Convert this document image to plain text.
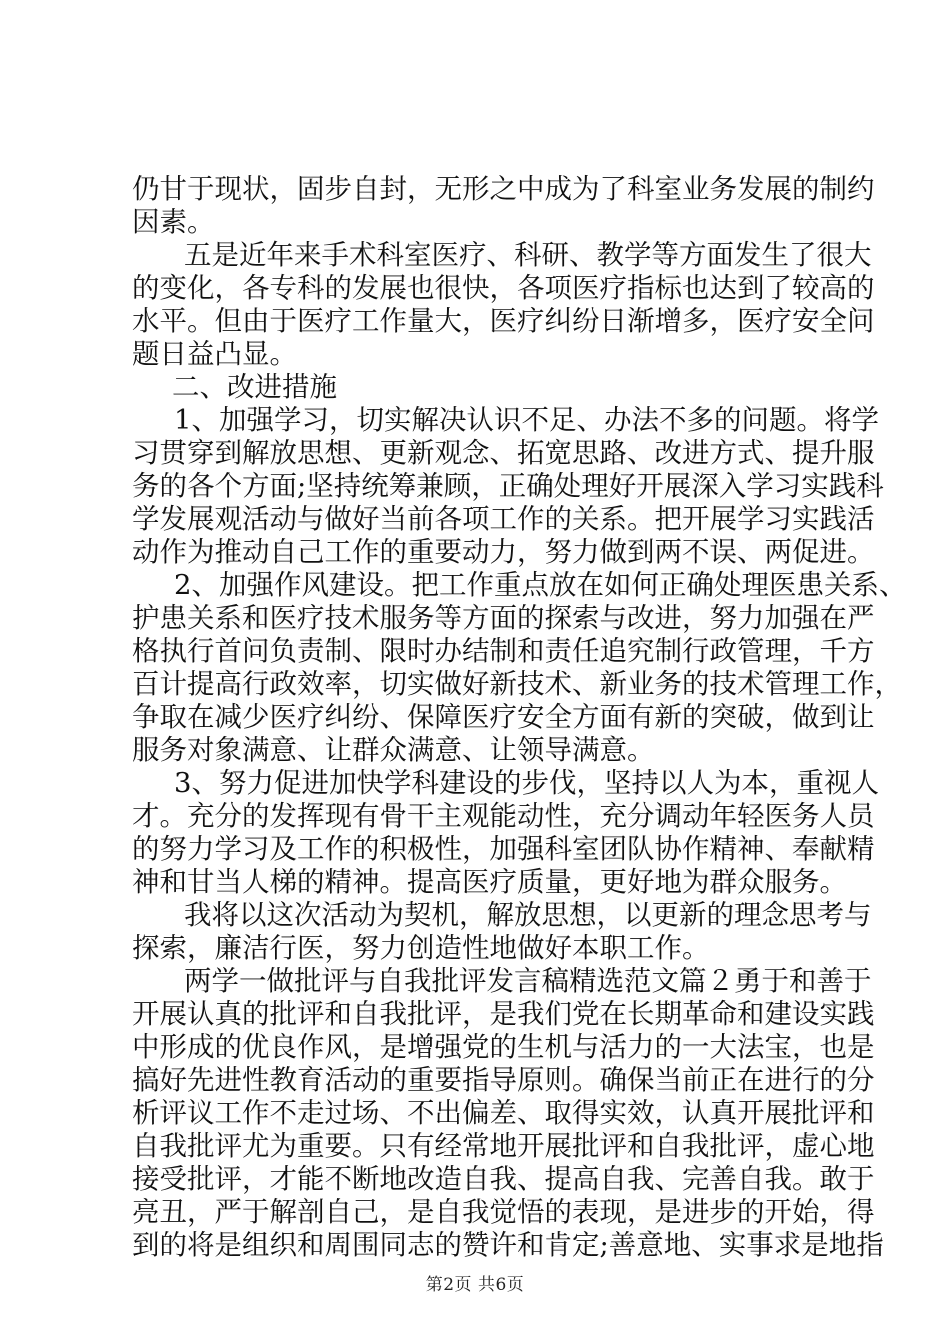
仍甘于现状，固步自封，无形之中成为了科室业务发展的制约
因素。
五是近年来手术科室医疗、科研、教学等方面发生了很大
的变化，各专科的发展也很快，各项医疗指标也达到了较高的
水平。但由于医疗工作量大，医疗纠纷日渐增多，医疗安全问
题日益凸显。
二、改进措施
1、加强学习，切实解决认识不足、办法不多的问题。将学
习贯穿到解放思想、更新观念、拓宽思路、改进方式、提升服
务的各个方面;坚持统筹兼顾，正确处理好开展深入学习实践科
学发展观活动与做好当前各项工作的关系。把开展学习实践活
动作为推动自己工作的重要动力，努力做到两不误、两促进。
2、加强作风建设。把工作重点放在如何正确处理医患关系、
护患关系和医疗技术服务等方面的探索与改进，努力加强在严
格执行首问负责制、限时办结制和责任追究制行政管理，千方
百计提高行政效率，切实做好新技术、新业务的技术管理工作，
争取在减少医疗纠纷、保障医疗安全方面有新的突破，做到让
服务对象满意、让群众满意、让领导满意。
3、努力促进加快学科建设的步伐，坚持以人为本，重视人
才。充分的发挥现有骨干主观能动性，充分调动年轻医务人员
的努力学习及工作的积极性，加强科室团队协作精神、奉献精
神和甘当人梯的精神。提高医疗质量，更好地为群众服务。
我将以这次活动为契机，解放思想，以更新的理念思考与
探索，廉洁行医，努力创造性地做好本职工作。
两学一做批评与自我批评发言稿精选范文篇２勇于和善于
开展认真的批评和自我批评，是我们党在长期革命和建设实践
中形成的优良作风，是增强党的生机与活力的一大法宝，也是
搞好先进性教育活动的重要指导原则。确保当前正在进行的分
析评议工作不走过场、不出偏差、取得实效，认真开展批评和
自我批评尤为重要。只有经常地开展批评和自我批评，虚心地
接受批评，才能不断地改造自我、提高自我、完善自我。敢于
亮丑，严于解剖自己，是自我觉悟的表现，是进步的开始，得
到的将是组织和周围同志的赞许和肯定;善意地、实事求是地指
第2页 共6页
